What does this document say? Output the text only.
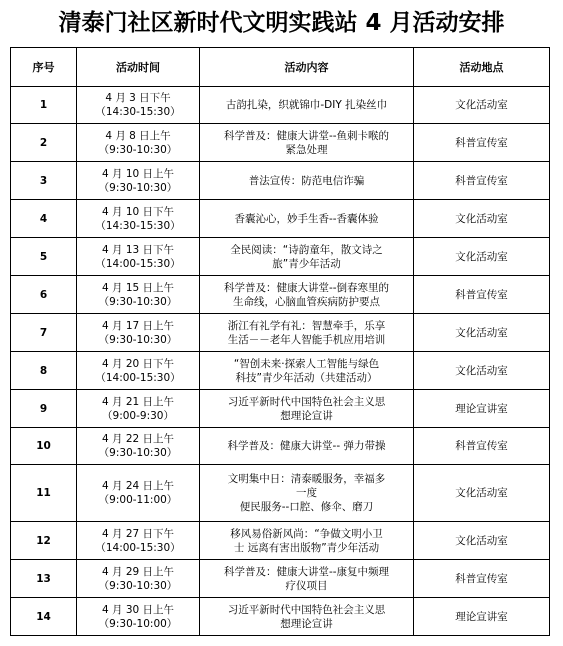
清泰门社区新时代文明实践站 4 月活动安排
序号	活动时间	活动内容	活动地点
1	4 月 3 日下午
（14:30-15:30）	古韵扎染，织就锦巾-DIY 扎染丝巾	文化活动室
2	4 月 8 日上午
（9:30-10:30）	科学普及：健康大讲堂--鱼刺卡喉的
紧急处理	科普宣传室
3	4 月 10 日上午
（9:30-10:30）	普法宣传：防范电信诈骗	科普宣传室
4	4 月 10 日下午
（14:30-15:30）	香囊沁心，妙手生香--香囊体验	文化活动室
5	4 月 13 日下午
（14:00-15:30）	全民阅读：“诗韵童年，散文诗之
旅”青少年活动	文化活动室
6	4 月 15 日上午
（9:30-10:30）	科学普及：健康大讲堂--倒春寒里的
生命线，心脑血管疾病防护要点	科普宣传室
7	4 月 17 日上午
（9:30-10:30）	浙江有礼学有礼：智慧牵手，乐享
生活－－老年人智能手机应用培训	文化活动室
8	4 月 20 日下午
（14:00-15:30）	“智创未来·探索人工智能与绿色
科技”青少年活动（共建活动）	文化活动室
9	4 月 21 日上午
（9:00-9:30）	习近平新时代中国特色社会主义思
想理论宣讲	理论宣讲室
10	4 月 22 日上午
（9:30-10:30）	科学普及：健康大讲堂-- 弹力带操	科普宣传室
11	4 月 24 日上午
（9:00-11:00）	文明集中日：清泰暖服务，幸福多
一度
便民服务--口腔、修伞、磨刀	文化活动室
12	4 月 27 日下午
（14:00-15:30）	移风易俗新风尚：“争做文明小卫
士 远离有害出版物”青少年活动	文化活动室
13	4 月 29 日上午
（9:30-10:30）	科学普及：健康大讲堂--康复中频理
疗仪项目	科普宣传室
14	4 月 30 日上午
（9:30-10:00）	习近平新时代中国特色社会主义思
想理论宣讲	理论宣讲室
